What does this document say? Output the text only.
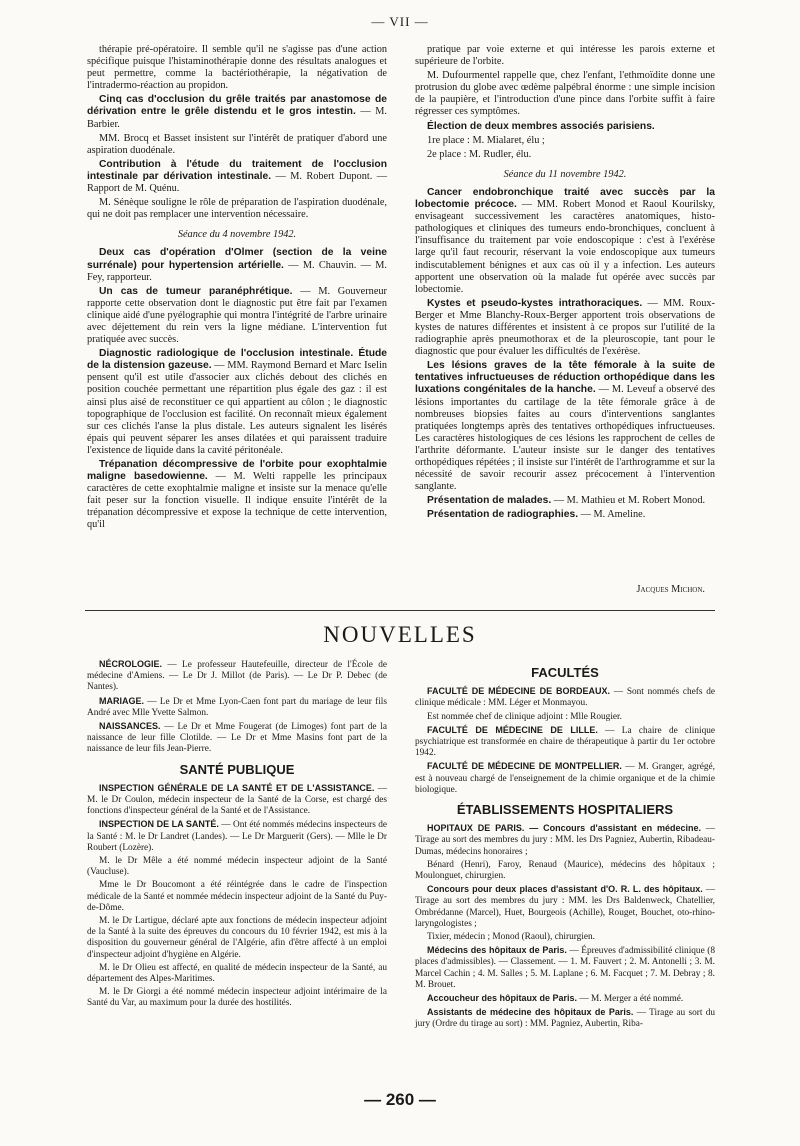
— VII —

thérapie pré-opératoire. Il semble qu'il ne s'agisse pas d'une action spécifique puisque l'histaminothérapie donne des résultats analogues et peut permettre, comme la bactériothérapie, la négativation de l'intradermo-réaction au propidon.

Cinq cas d'occlusion du grêle traités par anastomose de dérivation entre le grêle distendu et le gros intestin. — M. Barbier.

MM. Brocq et Basset insistent sur l'intérêt de pratiquer d'abord une aspiration duodénale.

Contribution à l'étude du traitement de l'occlusion intestinale par dérivation intestinale. — M. Robert Dupont. — Rapport de M. Quénu.

M. Sénèque souligne le rôle de préparation de l'aspiration duodénale, qui ne doit pas remplacer une intervention nécessaire.

Séance du 4 novembre 1942.

Deux cas d'opération d'Olmer (section de la veine surrénale) pour hypertension artérielle. — M. Chauvin. — M. Fey, rapporteur.

Un cas de tumeur paranéphrétique. — M. Gouverneur rapporte cette observation dont le diagnostic put être fait par l'examen clinique aidé d'une pyélographie qui montra l'intégrité de l'arbre urinaire avec déjettement du rein vers la ligne médiane. L'intervention fut pratiquée avec succès.

Diagnostic radiologique de l'occlusion intestinale. Étude de la distension gazeuse. — MM. Raymond Bernard et Marc Iselin pensent qu'il est utile d'associer aux clichés debout des clichés en position couchée permettant une répartition plus égale des gaz : il est ainsi plus aisé de reconstituer ce qui appartient au côlon ; le diagnostic topographique de l'occlusion est facilité. On reconnaît mieux également sur ces clichés l'anse la plus distale. Les auteurs signalent les lisérés épais qui peuvent séparer les anses dilatées et qui paraissent traduire l'existence de liquide dans la cavité péritonéale.

Trépanation décompressive de l'orbite pour exophtalmie maligne basedowienne. — M. Welti rappelle les principaux caractères de cette exophtalmie maligne et insiste sur la menace qu'elle fait peser sur la fonction visuelle. Il indique ensuite l'intérêt de la trépanation décompressive et expose la technique de cette intervention, qu'il

pratique par voie externe et qui intéresse les parois externe et supérieure de l'orbite.

M. Dufourmentel rappelle que, chez l'enfant, l'ethmoïdite donne une protrusion du globe avec œdème palpébral énorme : une simple incision de la paupière, et l'introduction d'une pince dans l'orbite suffit à faire régresser ces symptômes.

Élection de deux membres associés parisiens.

1re place : M. Mialaret, élu ;

2e place : M. Rudler, élu.

Séance du 11 novembre 1942.

Cancer endobronchique traité avec succès par la lobectomie précoce. — MM. Robert Monod et Raoul Kourilsky, envisageant successivement les caractères anatomiques, histo-pathologiques et cliniques des tumeurs endo-bronchiques, concluent à l'insuffisance du traitement par voie endoscopique : c'est à l'exérèse large qu'il faut recourir, réservant la voie endoscopique aux tumeurs indiscutablement bénignes et aux cas où il y a infection. Les auteurs apportent une observation où la malade fut opérée avec succès par lobectomie.

Kystes et pseudo-kystes intrathoraciques. — MM. Roux-Berger et Mme Blanchy-Roux-Berger apportent trois observations de kystes de natures différentes et insistent à ce propos sur l'utilité de la radiographie après pneumothorax et de la pleuroscopie, tant pour le diagnostic que pour évaluer les difficultés de l'exérèse.

Les lésions graves de la tête fémorale à la suite de tentatives infructueuses de réduction orthopédique dans les luxations congénitales de la hanche. — M. Leveuf a observé des lésions importantes du cartilage de la tête fémorale grâce à de nombreuses biopsies faites au cours d'interventions sanglantes pratiquées longtemps après des tentatives orthopédiques infructueuses. Les caractères histologiques de ces lésions les rapprochent de celles de l'arthrite déformante. L'auteur insiste sur le danger des tentatives orthopédiques répétées ; il insiste sur l'intérêt de l'arthrogramme et sur la nécessité de savoir recourir assez précocement à l'intervention sanglante.

Présentation de malades. — M. Mathieu et M. Robert Monod.

Présentation de radiographies. — M. Ameline.

Jacques Michon.

NOUVELLES

NÉCROLOGIE. — Le professeur Hautefeuille, directeur de l'École de médecine d'Amiens. — Le Dr J. Millot (de Paris). — Le Dr P. Debec (de Nantes).

MARIAGE. — Le Dr et Mme Lyon-Caen font part du mariage de leur fils André avec Mlle Yvette Salmon.

NAISSANCES. — Le Dr et Mme Fougerat (de Limoges) font part de la naissance de leur fille Clotilde. — Le Dr et Mme Masins font part de la naissance de leur fils Jean-Pierre.

SANTÉ PUBLIQUE

INSPECTION GÉNÉRALE DE LA SANTÉ ET DE L'ASSISTANCE. — M. le Dr Coulon, médecin inspecteur de la Santé de la Corse, est chargé des fonctions d'inspecteur général de la Santé et de l'Assistance.

INSPECTION DE LA SANTÉ. — Ont été nommés médecins inspecteurs de la Santé : M. le Dr Landret (Landes). — Le Dr Marguerit (Gers). — Mlle le Dr Roubert (Lozère).

M. le Dr Mêle a été nommé médecin inspecteur adjoint de la Santé (Vaucluse).

Mme le Dr Boucomont a été réintégrée dans le cadre de l'inspection médicale de la Santé et nommée médecin inspecteur adjoint de la Santé du Puy-de-Dôme.

M. le Dr Lartigue, déclaré apte aux fonctions de médecin inspecteur adjoint de la Santé à la suite des épreuves du concours du 10 février 1942, est mis à la disposition du gouverneur général de l'Algérie, afin d'être affecté à un emploi d'inspecteur adjoint d'hygiène en Algérie.

M. le Dr Olieu est affecté, en qualité de médecin inspecteur de la Santé, au département des Alpes-Maritimes.

M. le Dr Giorgi a été nommé médecin inspecteur adjoint intérimaire de la Santé du Var, au maximum pour la durée des hostilités.

FACULTÉS

FACULTÉ DE MÉDECINE DE BORDEAUX. — Sont nommés chefs de clinique médicale : MM. Léger et Monmayou.

Est nommée chef de clinique adjoint : Mlle Rougier.

FACULTÉ DE MÉDECINE DE LILLE. — La chaire de clinique psychiatrique est transformée en chaire de thérapeutique à partir du 1er octobre 1942.

FACULTÉ DE MÉDECINE DE MONTPELLIER. — M. Granger, agrégé, est à nouveau chargé de l'enseignement de la chimie organique et de la chimie biologique.

ÉTABLISSEMENTS HOSPITALIERS

HOPITAUX DE PARIS. — Concours d'assistant en médecine. — Tirage au sort des membres du jury : MM. les Drs Pagniez, Aubertin, Ribadeau-Dumas, médecins honoraires ;

Bénard (Henri), Faroy, Renaud (Maurice), médecins des hôpitaux ; Moulonguet, chirurgien.

Concours pour deux places d'assistant d'O. R. L. des hôpitaux. — Tirage au sort des membres du jury : MM. les Drs Baldenweck, Chatellier, Ombrédanne (Marcel), Huet, Bourgeois (Achille), Rouget, Bouchet, oto-rhino-laryngologistes ;

Tixier, médecin ; Monod (Raoul), chirurgien.

Médecins des hôpitaux de Paris. — Épreuves d'admissibilité clinique (8 places d'admissibles). — Classement. — 1. M. Fauvert ; 2. M. Antonelli ; 3. M. Marcel Cachin ; 4. M. Salles ; 5. M. Laplane ; 6. M. Facquet ; 7. M. Debray ; 8. M. Brouet.

Accoucheur des hôpitaux de Paris. — M. Merger a été nommé.

Assistants de médecine des hôpitaux de Paris. — Tirage au sort du jury (Ordre du tirage au sort) : MM. Pagniez, Aubertin, Riba-

— 260 —
